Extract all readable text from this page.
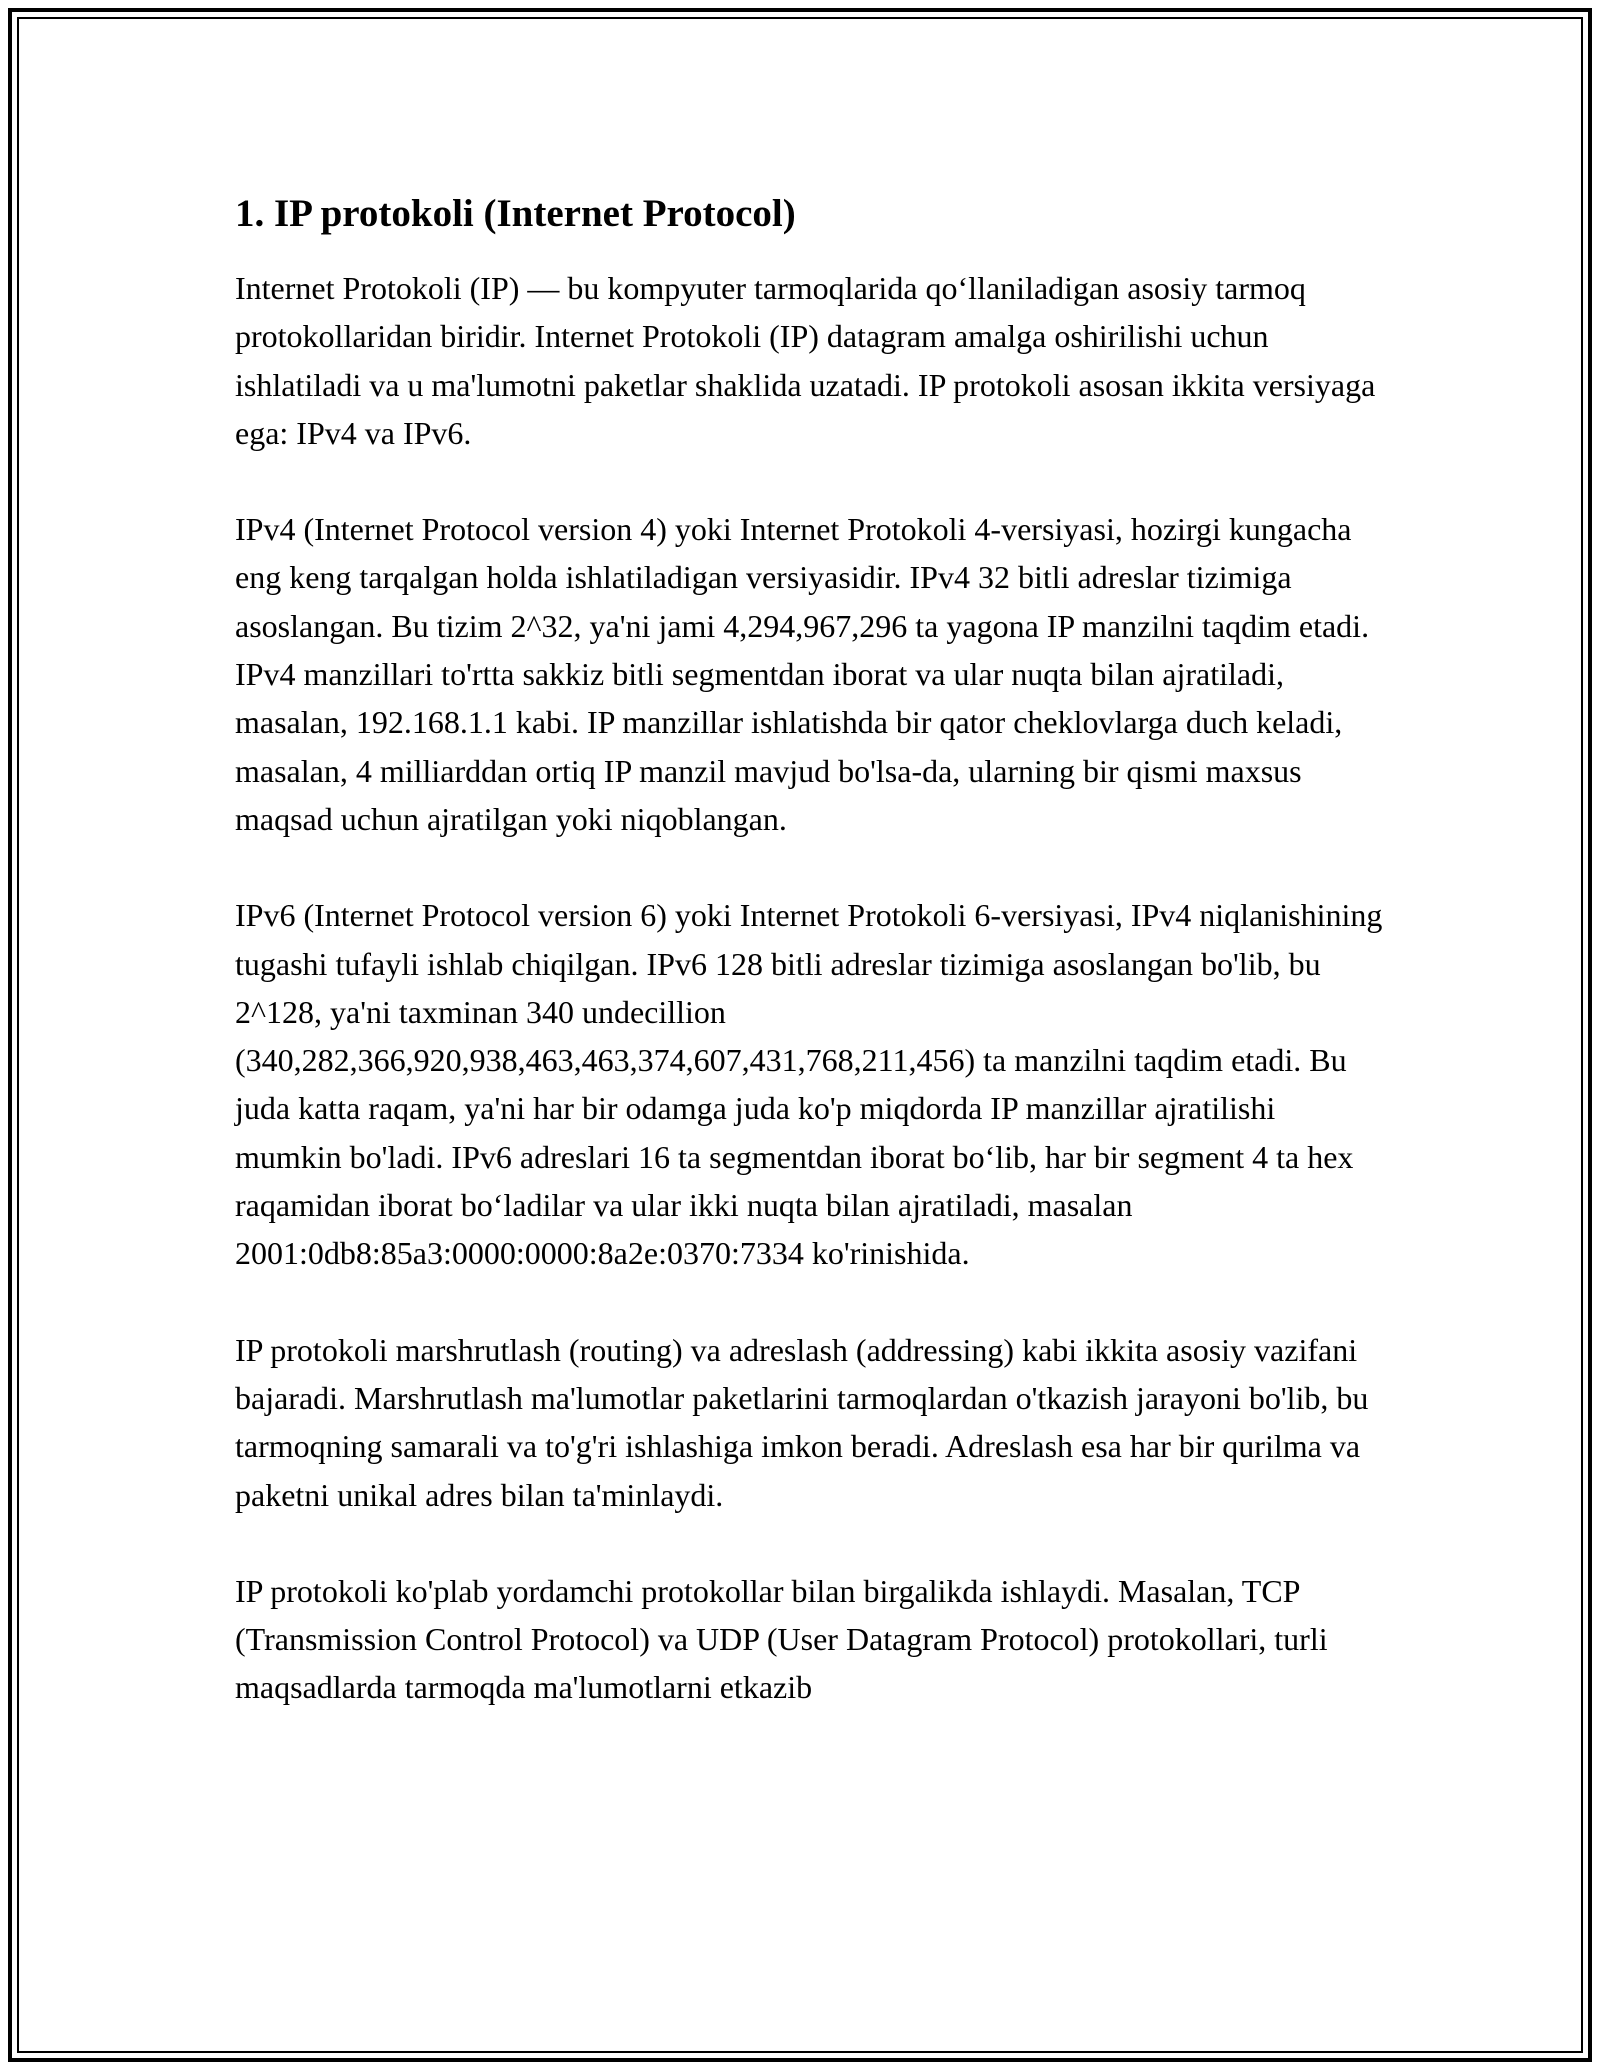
1. IP protokoli (Internet Protocol)

Internet Protokoli (IP) — bu kompyuter tarmoqlarida qo‘llaniladigan asosiy tarmoq protokollaridan biridir. Internet Protokoli (IP) datagram amalga oshirilishi uchun ishlatiladi va u ma'lumotni paketlar shaklida uzatadi. IP protokoli asosan ikkita versiyaga ega: IPv4 va IPv6.

IPv4 (Internet Protocol version 4) yoki Internet Protokoli 4-versiyasi, hozirgi kungacha eng keng tarqalgan holda ishlatiladigan versiyasidir. IPv4 32 bitli adreslar tizimiga asoslangan. Bu tizim 2^32, ya'ni jami 4,294,967,296 ta yagona IP manzilni taqdim etadi. IPv4 manzillari to'rtta sakkiz bitli segmentdan iborat va ular nuqta bilan ajratiladi, masalan, 192.168.1.1 kabi. IP manzillar ishlatishda bir qator cheklovlarga duch keladi, masalan, 4 milliarddan ortiq IP manzil mavjud bo'lsa-da, ularning bir qismi maxsus maqsad uchun ajratilgan yoki niqoblangan.

IPv6 (Internet Protocol version 6) yoki Internet Protokoli 6-versiyasi, IPv4 niqlanishining tugashi tufayli ishlab chiqilgan. IPv6 128 bitli adreslar tizimiga asoslangan bo'lib, bu 2^128, ya'ni taxminan 340 undecillion (340,282,366,920,938,463,463,374,607,431,768,211,456) ta manzilni taqdim etadi. Bu juda katta raqam, ya'ni har bir odamga juda ko'p miqdorda IP manzillar ajratilishi mumkin bo'ladi. IPv6 adreslari 16 ta segmentdan iborat bo‘lib, har bir segment 4 ta hex raqamidan iborat bo‘ladilar va ular ikki nuqta bilan ajratiladi, masalan 2001:0db8:85a3:0000:0000:8a2e:0370:7334 ko'rinishida.

IP protokoli marshrutlash (routing) va adreslash (addressing) kabi ikkita asosiy vazifani bajaradi. Marshrutlash ma'lumotlar paketlarini tarmoqlardan o'tkazish jarayoni bo'lib, bu tarmoqning samarali va to'g'ri ishlashiga imkon beradi. Adreslash esa har bir qurilma va paketni unikal adres bilan ta'minlaydi.

IP protokoli ko'plab yordamchi protokollar bilan birgalikda ishlaydi. Masalan, TCP (Transmission Control Protocol) va UDP (User Datagram Protocol) protokollari, turli maqsadlarda tarmoqda ma'lumotlarni etkazib
